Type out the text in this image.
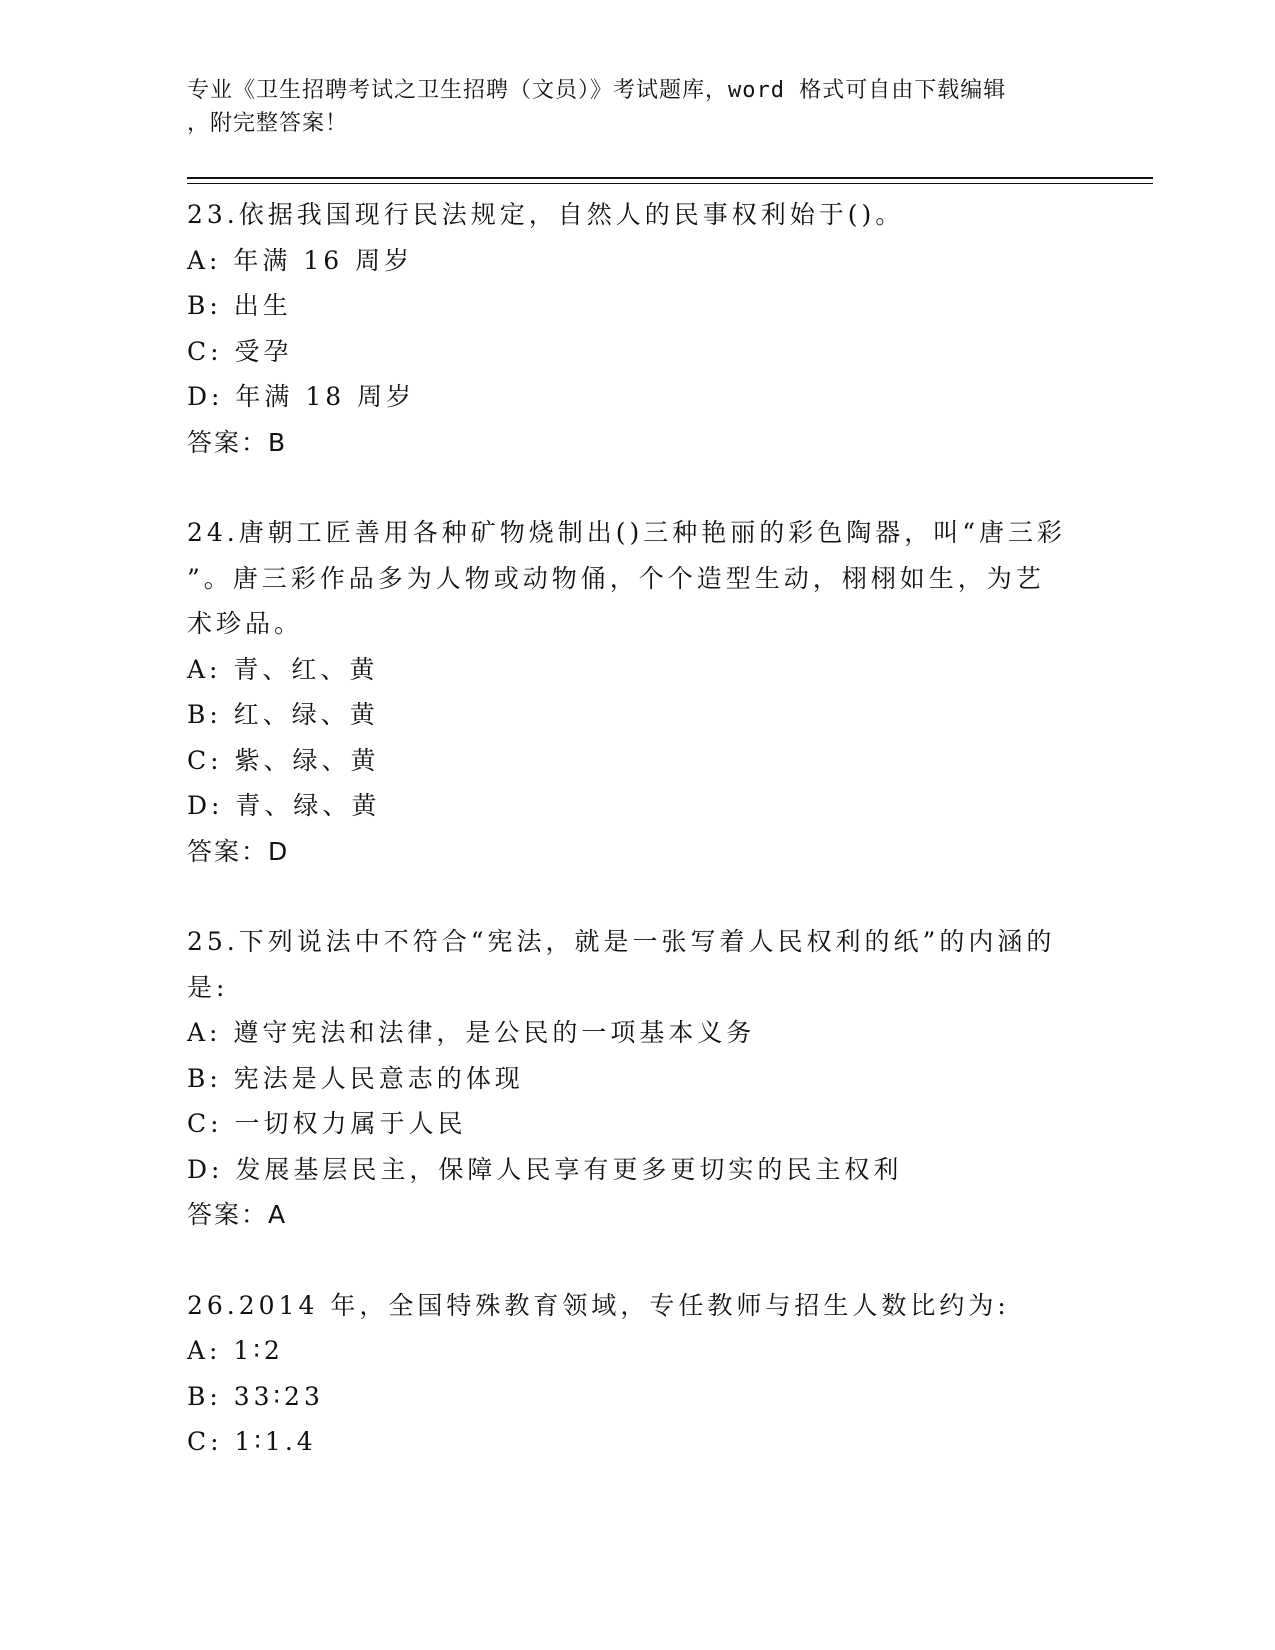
专业《卫生招聘考试之卫生招聘（文员）》考试题库，word 格式可自由下载编辑
，附完整答案！

23.依据我国现行民法规定，自然人的民事权利始于()。

A: 年满 16 周岁

B: 出生

C: 受孕

D: 年满 18 周岁

答案：B

24.唐朝工匠善用各种矿物烧制出()三种艳丽的彩色陶器，叫“唐三彩

”。唐三彩作品多为人物或动物俑，个个造型生动，栩栩如生，为艺

术珍品。

A: 青、红、黄

B: 红、绿、黄

C: 紫、绿、黄

D: 青、绿、黄

答案：D

25.下列说法中不符合“宪法，就是一张写着人民权利的纸”的内涵的

是:

A: 遵守宪法和法律，是公民的一项基本义务

B: 宪法是人民意志的体现

C: 一切权力属于人民

D: 发展基层民主，保障人民享有更多更切实的民主权利

答案：A

26.2014 年，全国特殊教育领域，专任教师与招生人数比约为:

A: 1∶2

B: 33∶23

C: 1∶1.4
